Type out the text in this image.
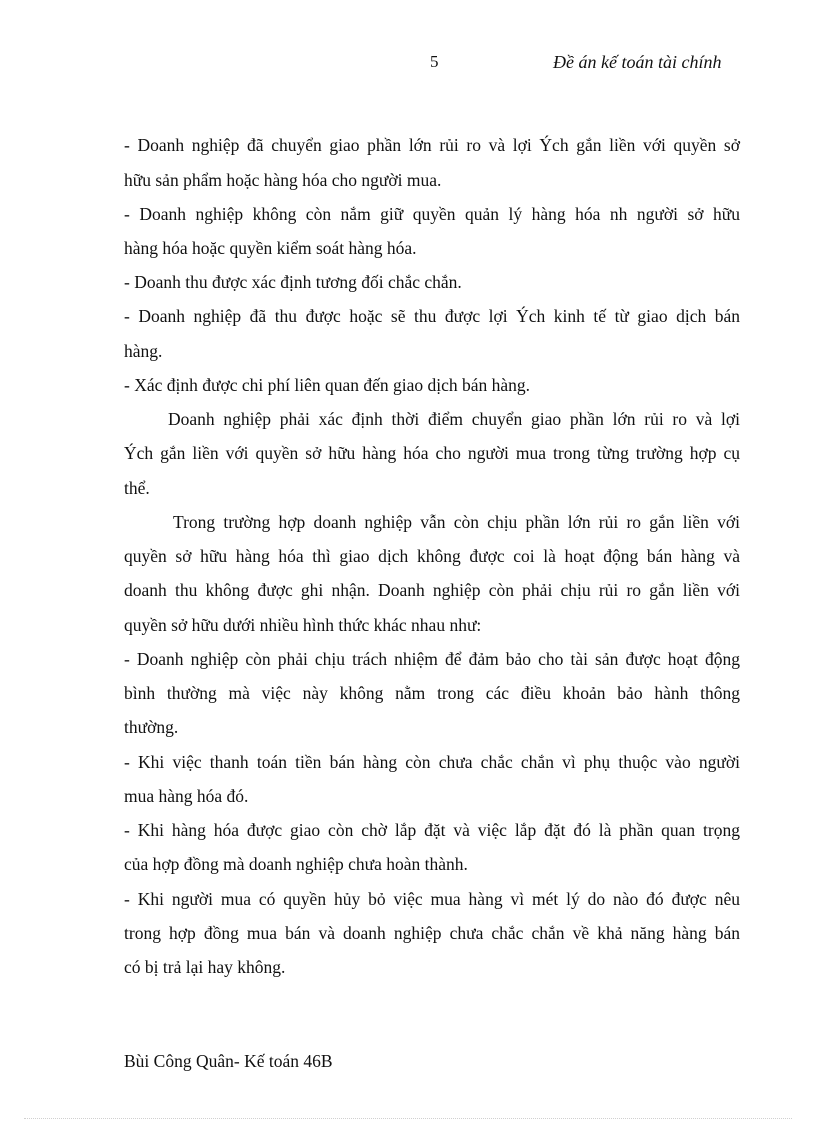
5	Đề án kế toán tài chính
- Doanh nghiệp đã chuyển giao phần lớn rủi ro và lợi Ých gắn liền với quyền sở
hữu sản phẩm hoặc hàng hóa cho người mua.
- Doanh nghiệp không còn nắm giữ quyền quản lý hàng hóa nh người sở hữu
hàng hóa hoặc quyền kiểm soát hàng hóa.
- Doanh thu được xác định tương đối chắc chắn.
- Doanh nghiệp đã thu được hoặc sẽ thu được lợi Ých kinh tế từ giao dịch bán
hàng.
- Xác định được chi phí liên quan đến giao dịch bán hàng.
Doanh nghiệp phải xác định thời điểm chuyển giao phần lớn rủi ro và lợi
Ých gắn liền với quyền sở hữu hàng hóa cho người mua trong từng trường hợp cụ
thể.
Trong trường hợp doanh nghiệp vẫn còn chịu phần lớn rủi ro gắn liền với
quyền sở hữu hàng hóa thì giao dịch không được coi là hoạt động bán hàng và
doanh thu không được ghi nhận. Doanh nghiệp còn phải chịu rủi ro gắn liền với
quyền sở hữu dưới nhiều hình thức khác nhau như:
- Doanh nghiệp còn phải chịu trách nhiệm để đảm bảo cho tài sản được hoạt động
bình thường mà việc này không nằm trong các điều khoản bảo hành thông
thường.
- Khi việc thanh toán tiền bán hàng còn chưa chắc chắn vì phụ thuộc vào người
mua hàng hóa đó.
- Khi hàng hóa được giao còn chờ lắp đặt và việc lắp đặt đó là phần quan trọng
của hợp đồng mà doanh nghiệp chưa hoàn thành.
- Khi người mua có quyền hủy bỏ việc mua hàng vì mét lý do nào đó được nêu
trong hợp đồng mua bán và doanh nghiệp chưa chắc chắn về khả năng hàng bán
có bị trả lại hay không.
Bùi Công Quân- Kế toán 46B
